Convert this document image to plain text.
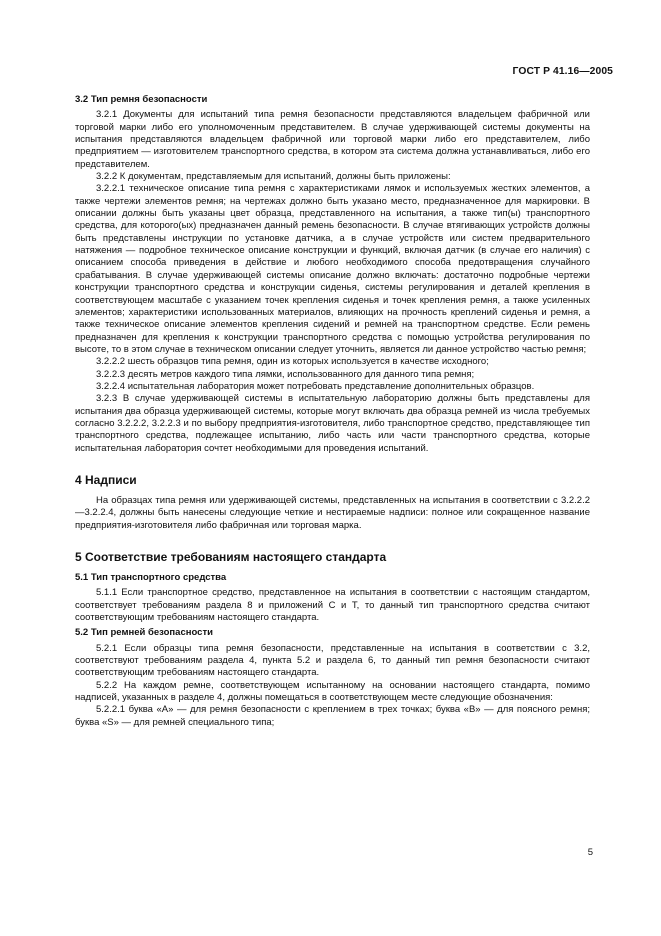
ГОСТ Р 41.16—2005
3.2 Тип ремня безопасности

3.2.1 Документы для испытаний типа ремня безопасности представляются владельцем фабричной или торговой марки либо его уполномоченным представителем. В случае удерживающей системы документы на испытания представляются владельцем фабричной или торговой марки либо его представителем, либо предприятием — изготовителем транспортного средства, в котором эта система должна устанавливаться, либо его представителем.

3.2.2 К документам, представляемым для испытаний, должны быть приложены:

3.2.2.1 техническое описание типа ремня с характеристиками лямок и используемых жестких элементов, а также чертежи элементов ремня; на чертежах должно быть указано место, предназначенное для маркировки. В описании должны быть указаны цвет образца, представленного на испытания, а также тип(ы) транспортного средства, для которого(ых) предназначен данный ремень безопасности. В случае втягивающих устройств должны быть представлены инструкции по установке датчика, а в случае устройств или систем предварительного натяжения — подробное техническое описание конструкции и функций, включая датчик (в случае его наличия) с описанием способа приведения в действие и любого необходимого способа предотвращения случайного срабатывания. В случае удерживающей системы описание должно включать: достаточно подробные чертежи конструкции транспортного средства и конструкции сиденья, системы регулирования и деталей крепления в соответствующем масштабе с указанием точек крепления сиденья и точек крепления ремня, а также усиленных элементов; характеристики использованных материалов, влияющих на прочность креплений сиденья и ремня, а также техническое описание элементов крепления сидений и ремней на транспортном средстве. Если ремень предназначен для крепления к конструкции транспортного средства с помощью устройства регулирования по высоте, то в этом случае в техническом описании следует уточнить, является ли данное устройство частью ремня;

3.2.2.2 шесть образцов типа ремня, один из которых используется в качестве исходного;

3.2.2.3 десять метров каждого типа лямки, использованного для данного типа ремня;

3.2.2.4 испытательная лаборатория может потребовать представление дополнительных образцов.

3.2.3 В случае удерживающей системы в испытательную лабораторию должны быть представлены для испытания два образца удерживающей системы, которые могут включать два образца ремней из числа требуемых согласно 3.2.2.2, 3.2.2.3 и по выбору предприятия-изготовителя, либо транспортное средство, представляющее тип транспортного средства, подлежащее испытанию, либо часть или части транспортного средства, которые испытательная лаборатория сочтет необходимыми для проведения испытаний.

4 Надписи

На образцах типа ремня или удерживающей системы, представленных на испытания в соответствии с 3.2.2.2—3.2.2.4, должны быть нанесены следующие четкие и нестираемые надписи: полное или сокращенное название предприятия-изготовителя либо фабричная или торговая марка.

5 Соответствие требованиям настоящего стандарта
5.1 Тип транспортного средства

5.1.1 Если транспортное средство, представленное на испытания в соответствии с настоящим стандартом, соответствует требованиям раздела 8 и приложений С и Т, то данный тип транспортного средства считают соответствующим требованиям настоящего стандарта.

5.2 Тип ремней безопасности

5.2.1 Если образцы типа ремня безопасности, представленные на испытания в соответствии с 3.2, соответствуют требованиям раздела 4, пункта 5.2 и раздела 6, то данный тип ремня безопасности считают соответствующим требованиям настоящего стандарта.

5.2.2 На каждом ремне, соответствующем испытанному на основании настоящего стандарта, помимо надписей, указанных в разделе 4, должны помещаться в соответствующем месте следующие обозначения:

5.2.2.1 буква «А» — для ремня безопасности с креплением в трех точках; буква «В» — для поясного ремня; буква «S» — для ремней специального типа;

5
